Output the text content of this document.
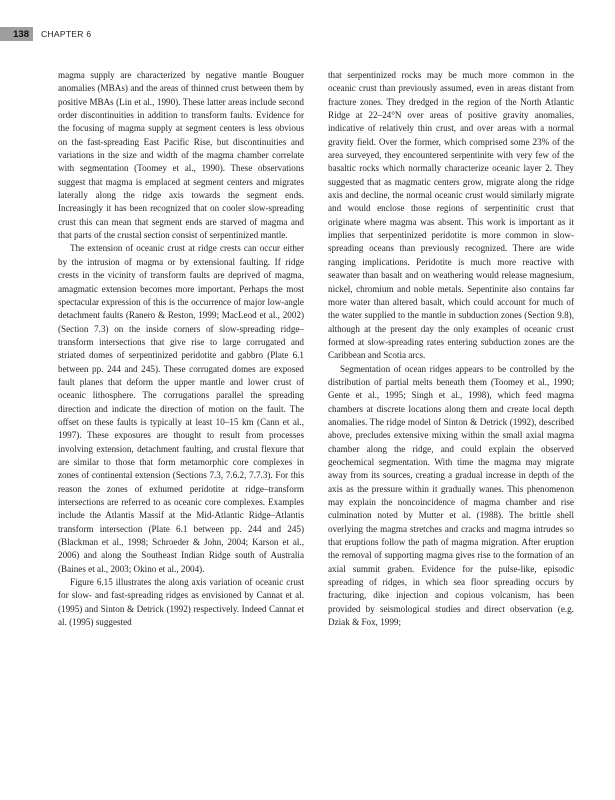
138	CHAPTER 6

magma supply are characterized by negative mantle Bouguer anomalies (MBAs) and the areas of thinned crust between them by positive MBAs (Lin et al., 1990). These latter areas include second order discontinuities in addition to transform faults. Evidence for the focusing of magma supply at segment centers is less obvious on the fast-spreading East Pacific Rise, but discontinuities and variations in the size and width of the magma chamber correlate with segmentation (Toomey et al., 1990). These observations suggest that magma is emplaced at segment centers and migrates laterally along the ridge axis towards the segment ends. Increasingly it has been recognized that on cooler slow-spreading crust this can mean that segment ends are starved of magma and that parts of the crustal section consist of serpentinized mantle.

The extension of oceanic crust at ridge crests can occur either by the intrusion of magma or by extensional faulting. If ridge crests in the vicinity of transform faults are deprived of magma, amagmatic extension becomes more important. Perhaps the most spectacular expression of this is the occurrence of major low-angle detachment faults (Ranero & Reston, 1999; MacLeod et al., 2002) (Section 7.3) on the inside corners of slow-spreading ridge–transform intersections that give rise to large corrugated and striated domes of serpentinized peridotite and gabbro (Plate 6.1 between pp. 244 and 245). These corrugated domes are exposed fault planes that deform the upper mantle and lower crust of oceanic lithosphere. The corrugations parallel the spreading direction and indicate the direction of motion on the fault. The offset on these faults is typically at least 10–15 km (Cann et al., 1997). These exposures are thought to result from processes involving extension, detachment faulting, and crustal flexure that are similar to those that form metamorphic core complexes in zones of continental extension (Sections 7.3, 7.6.2, 7.7.3). For this reason the zones of exhumed peridotite at ridge–transform intersections are referred to as oceanic core complexes. Examples include the Atlantis Massif at the Mid-Atlantic Ridge–Atlantis transform intersection (Plate 6.1 between pp. 244 and 245) (Blackman et al., 1998; Schroeder & John, 2004; Karson et al., 2006) and along the Southeast Indian Ridge south of Australia (Baines et al., 2003; Okino et al., 2004).

Figure 6.15 illustrates the along axis variation of oceanic crust for slow- and fast-spreading ridges as envisioned by Cannat et al. (1995) and Sinton & Detrick (1992) respectively. Indeed Cannat et al. (1995) suggested

that serpentinized rocks may be much more common in the oceanic crust than previously assumed, even in areas distant from fracture zones. They dredged in the region of the North Atlantic Ridge at 22–24°N over areas of positive gravity anomalies, indicative of relatively thin crust, and over areas with a normal gravity field. Over the former, which comprised some 23% of the area surveyed, they encountered serpentinite with very few of the basaltic rocks which normally characterize oceanic layer 2. They suggested that as magmatic centers grow, migrate along the ridge axis and decline, the normal oceanic crust would similarly migrate and would enclose those regions of serpentinitic crust that originate where magma was absent. This work is important as it implies that serpentinized peridotite is more common in slow-spreading oceans than previously recognized. There are wide ranging implications. Peridotite is much more reactive with seawater than basalt and on weathering would release magnesium, nickel, chromium and noble metals. Sepentinite also contains far more water than altered basalt, which could account for much of the water supplied to the mantle in subduction zones (Section 9.8), although at the present day the only examples of oceanic crust formed at slow-spreading rates entering subduction zones are the Caribbean and Scotia arcs.

Segmentation of ocean ridges appears to be controlled by the distribution of partial melts beneath them (Toomey et al., 1990; Gente et al., 1995; Singh et al., 1998), which feed magma chambers at discrete locations along them and create local depth anomalies. The ridge model of Sinton & Detrick (1992), described above, precludes extensive mixing within the small axial magma chamber along the ridge, and could explain the observed geochemical segmentation. With time the magma may migrate away from its sources, creating a gradual increase in depth of the axis as the pressure within it gradually wanes. This phenomenon may explain the noncoincidence of magma chamber and rise culmination noted by Mutter et al. (1988). The brittle shell overlying the magma stretches and cracks and magma intrudes so that eruptions follow the path of magma migration. After eruption the removal of supporting magma gives rise to the formation of an axial summit graben. Evidence for the pulse-like, episodic spreading of ridges, in which sea floor spreading occurs by fracturing, dike injection and copious volcanism, has been provided by seismological studies and direct observation (e.g. Dziak & Fox, 1999;
